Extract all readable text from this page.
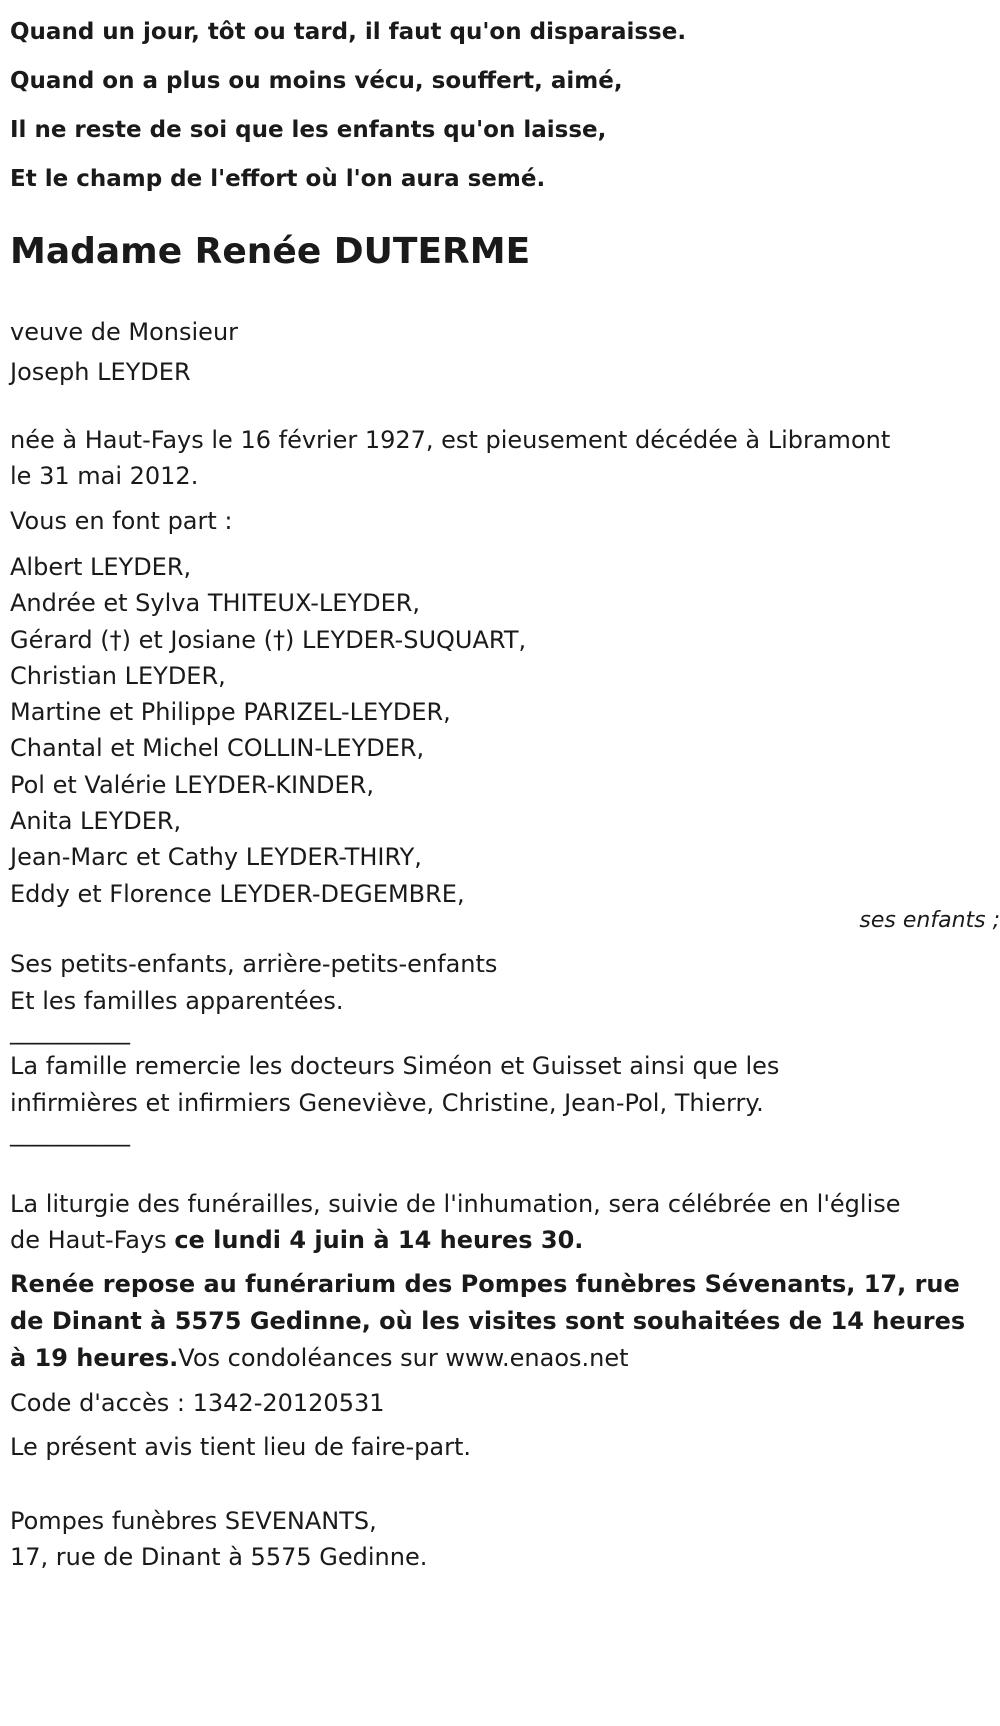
Quand un jour, tôt ou tard, il faut qu'on disparaisse.
Quand on a plus ou moins vécu, souffert, aimé,
Il ne reste de soi que les enfants qu'on laisse,
Et le champ de l'effort où l'on aura semé.
Madame Renée DUTERME
veuve de Monsieur
Joseph LEYDER
née à Haut-Fays le 16 février 1927, est pieusement décédée à Libramont
le 31 mai 2012.
Vous en font part :
Albert LEYDER,
Andrée et Sylva THITEUX-LEYDER,
Gérard (†) et Josiane (†) LEYDER-SUQUART,
Christian LEYDER,
Martine et Philippe PARIZEL-LEYDER,
Chantal et Michel COLLIN-LEYDER,
Pol et Valérie LEYDER-KINDER,
Anita LEYDER,
Jean-Marc et Cathy LEYDER-THIRY,
Eddy et Florence LEYDER-DEGEMBRE,
ses enfants ;
Ses petits-enfants, arrière-petits-enfants
Et les familles apparentées.
__________
La famille remercie les docteurs Siméon et Guisset ainsi que les
infirmières et infirmiers Geneviève, Christine, Jean-Pol, Thierry.
__________
La liturgie des funérailles, suivie de l'inhumation, sera célébrée en l'église
de Haut-Fays ce lundi 4 juin à 14 heures 30.
Renée repose au funérarium des Pompes funèbres Sévenants, 17, rue
de Dinant à 5575 Gedinne, où les visites sont souhaitées de 14 heures
à 19 heures.Vos condoléances sur www.enaos.net
Code d'accès : 1342-20120531
Le présent avis tient lieu de faire-part.
Pompes funèbres SEVENANTS,
17, rue de Dinant à 5575 Gedinne.
